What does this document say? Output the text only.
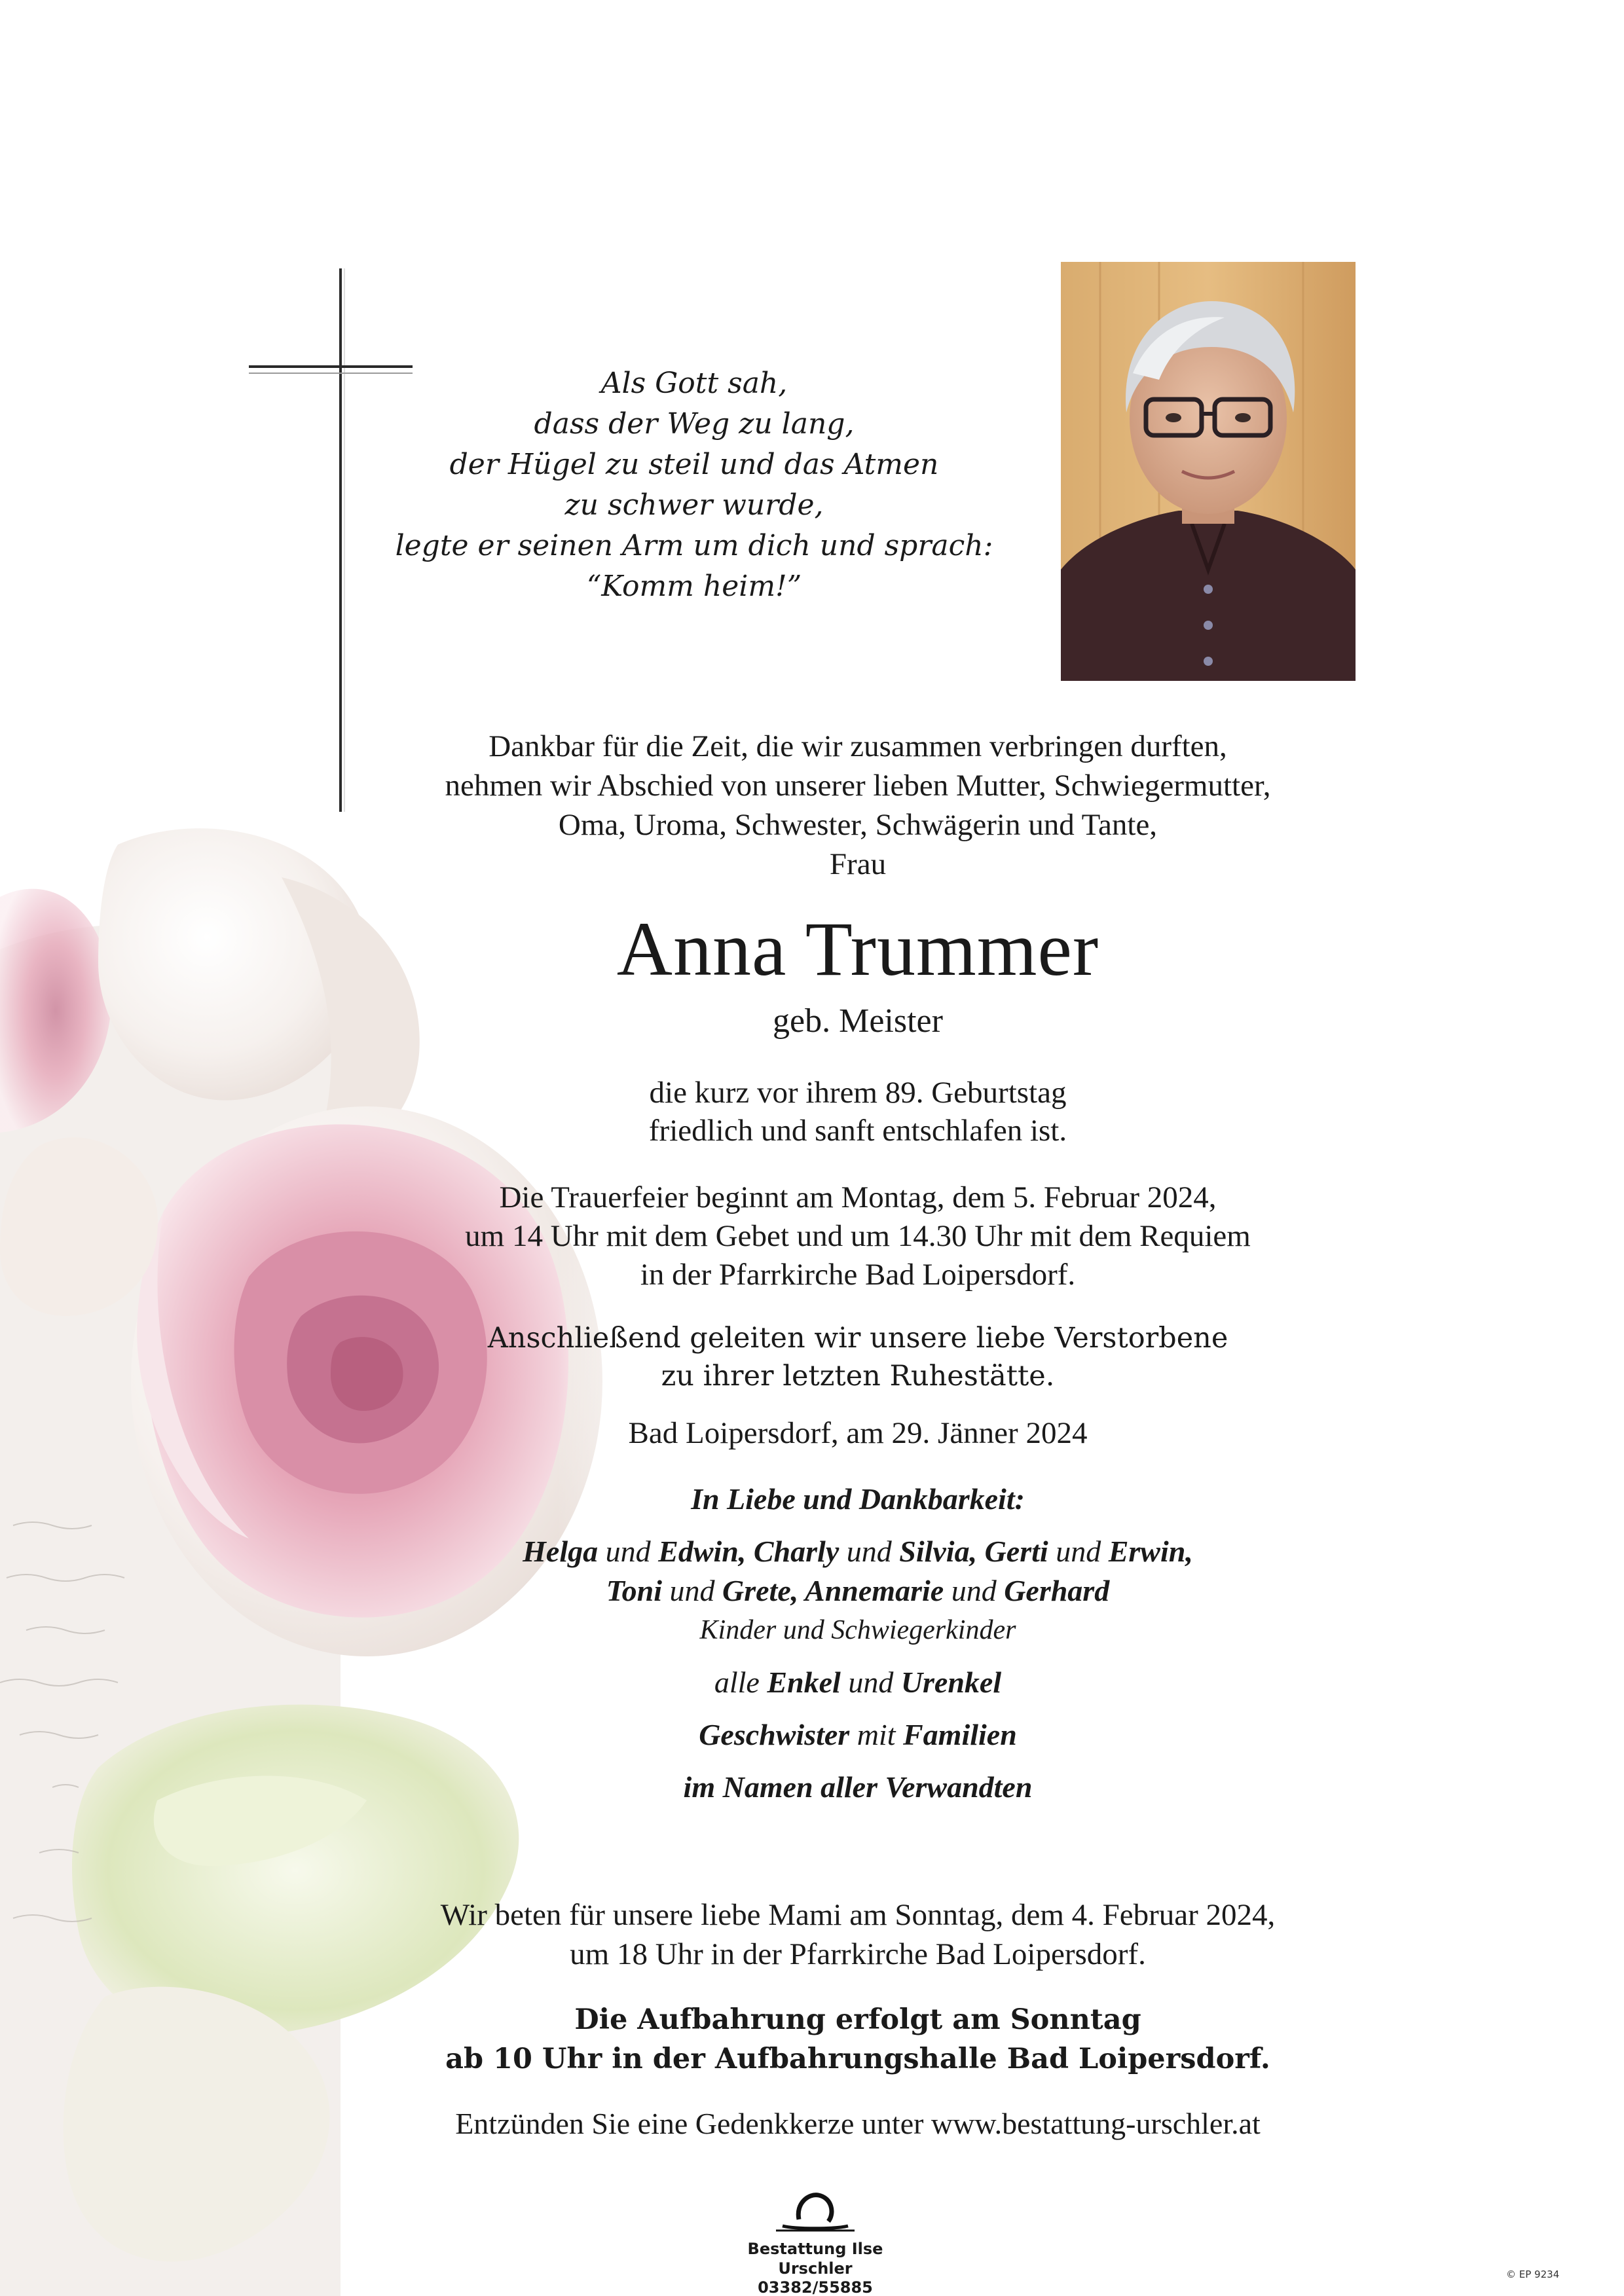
Als Gott sah,
dass der Weg zu lang,
der Hügel zu steil und das Atmen
zu schwer wurde,
legte er seinen Arm um dich und sprach:
“Komm heim!”
Dankbar für die Zeit, die wir zusammen verbringen durften,
nehmen wir Abschied von unserer lieben Mutter, Schwiegermutter,
Oma, Uroma, Schwester, Schwägerin und Tante,
Frau
Anna Trummer
geb. Meister
die kurz vor ihrem 89. Geburtstag
friedlich und sanft entschlafen ist.
Die Trauerfeier beginnt am Montag, dem 5. Februar 2024,
um 14 Uhr mit dem Gebet und um 14.30 Uhr mit dem Requiem
in der Pfarrkirche Bad Loipersdorf.
Anschließend geleiten wir unsere liebe Verstorbene
zu ihrer letzten Ruhestätte.
Bad Loipersdorf, am 29. Jänner 2024
In Liebe und Dankbarkeit:
Helga und Edwin, Charly und Silvia, Gerti und Erwin,
Toni und Grete, Annemarie und Gerhard
Kinder und Schwiegerkinder
alle Enkel und Urenkel
Geschwister mit Familien
im Namen aller Verwandten
Wir beten für unsere liebe Mami am Sonntag, dem 4. Februar 2024,
um 18 Uhr in der Pfarrkirche Bad Loipersdorf.
Die Aufbahrung erfolgt am Sonntag
ab 10 Uhr in der Aufbahrungshalle Bad Loipersdorf.
Entzünden Sie eine Gedenkkerze unter www.bestattung-urschler.at
Bestattung Ilse Urschler
03382/55885
© EP 9234
